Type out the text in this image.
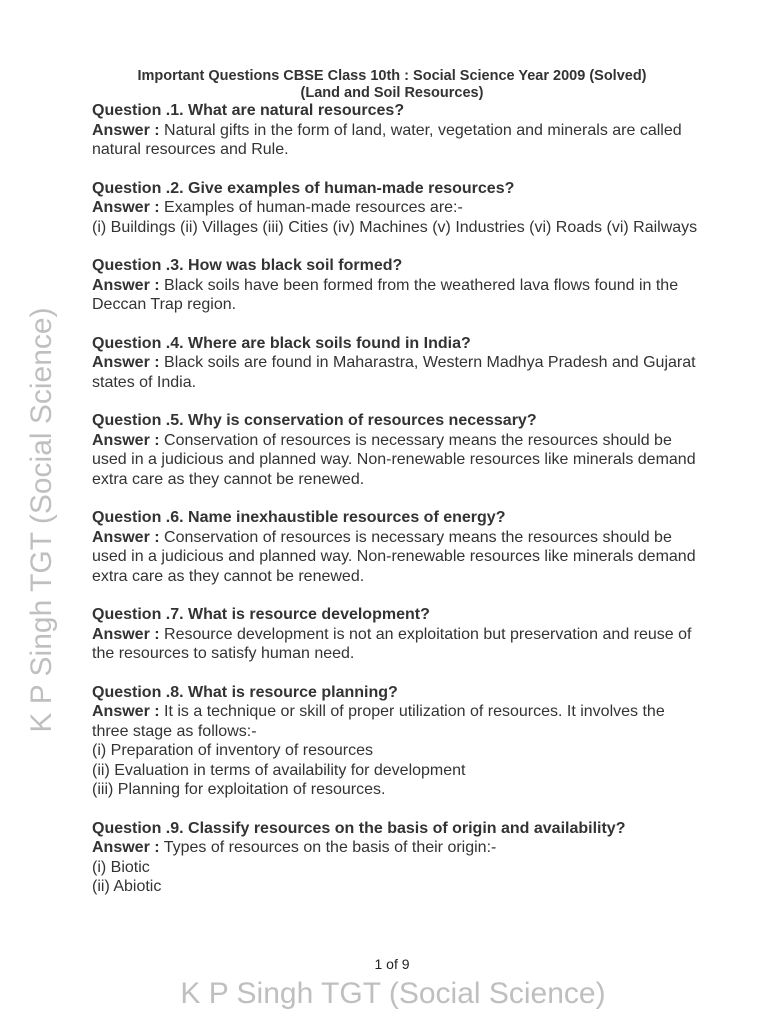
K P Singh TGT (Social Science)
Important Questions CBSE Class 10th : Social Science Year 2009 (Solved)
(Land and Soil Resources)
Question .1. What are natural resources?
Answer : Natural gifts in the form of land, water, vegetation and minerals are called natural resources and Rule.
Question .2. Give examples of human-made resources?
Answer : Examples of human-made resources are:-
(i) Buildings (ii) Villages (iii) Cities (iv) Machines (v) Industries (vi) Roads (vi) Railways
Question .3. How was black soil formed?
Answer : Black soils have been formed from the weathered lava flows found in the Deccan Trap region.
Question .4. Where are black soils found in India?
Answer : Black soils are found in Maharastra, Western Madhya Pradesh and Gujarat states of India.
Question .5. Why is conservation of resources necessary?
Answer : Conservation of resources is necessary means the resources should be used in a judicious and planned way. Non-renewable resources like minerals demand extra care as they cannot be renewed.
Question .6. Name inexhaustible resources of energy?
Answer : Conservation of resources is necessary means the resources should be used in a judicious and planned way. Non-renewable resources like minerals demand extra care as they cannot be renewed.
Question .7. What is resource development?
Answer : Resource development is not an exploitation but preservation and reuse of the resources to satisfy human need.
Question .8. What is resource planning?
Answer : It is a technique or skill of proper utilization of resources. It involves the three stage as follows:-
(i) Preparation of inventory of resources
(ii) Evaluation in terms of availability for development
(iii) Planning for exploitation of resources.
Question .9. Classify resources on the basis of origin and availability?
Answer : Types of resources on the basis of their origin:-
(i) Biotic
(ii) Abiotic
1 of 9
K P Singh TGT (Social Science)
